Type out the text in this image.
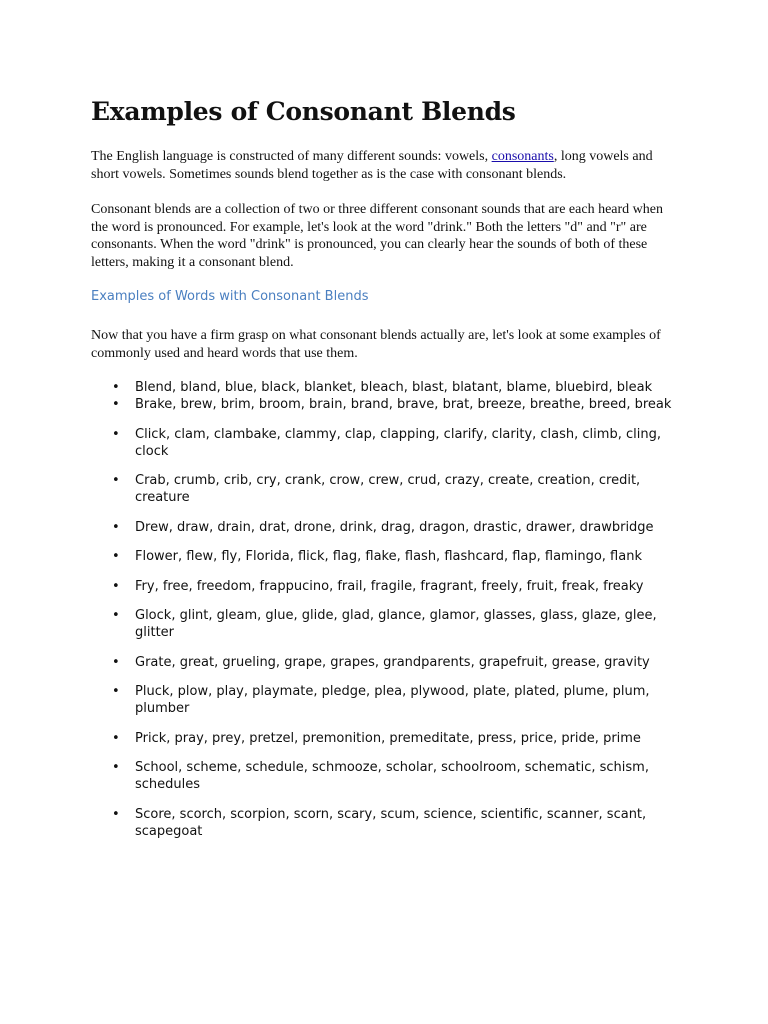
Examples of Consonant Blends

The English language is constructed of many different sounds: vowels, consonants, long vowels and short vowels. Sometimes sounds blend together as is the case with consonant blends.

Consonant blends are a collection of two or three different consonant sounds that are each heard when the word is pronounced. For example, let's look at the word "drink." Both the letters "d" and "r" are consonants. When the word "drink" is pronounced, you can clearly hear the sounds of both of these letters, making it a consonant blend.

Examples of Words with Consonant Blends

Now that you have a firm grasp on what consonant blends actually are, let's look at some examples of commonly used and heard words that use them.

• Blend, bland, blue, black, blanket, bleach, blast, blatant, blame, bluebird, bleak
• Brake, brew, brim, broom, brain, brand, brave, brat, breeze, breathe, breed, break
• Click, clam, clambake, clammy, clap, clapping, clarify, clarity, clash, climb, cling, clock
• Crab, crumb, crib, cry, crank, crow, crew, crud, crazy, create, creation, credit, creature
• Drew, draw, drain, drat, drone, drink, drag, dragon, drastic, drawer, drawbridge
• Flower, flew, fly, Florida, flick, flag, flake, flash, flashcard, flap, flamingo, flank
• Fry, free, freedom, frappucino, frail, fragile, fragrant, freely, fruit, freak, freaky
• Glock, glint, gleam, glue, glide, glad, glance, glamor, glasses, glass, glaze, glee, glitter
• Grate, great, grueling, grape, grapes, grandparents, grapefruit, grease, gravity
• Pluck, plow, play, playmate, pledge, plea, plywood, plate, plated, plume, plum, plumber
• Prick, pray, prey, pretzel, premonition, premeditate, press, price, pride, prime
• School, scheme, schedule, schmooze, scholar, schoolroom, schematic, schism, schedules
• Score, scorch, scorpion, scorn, scary, scum, science, scientific, scanner, scant, scapegoat
